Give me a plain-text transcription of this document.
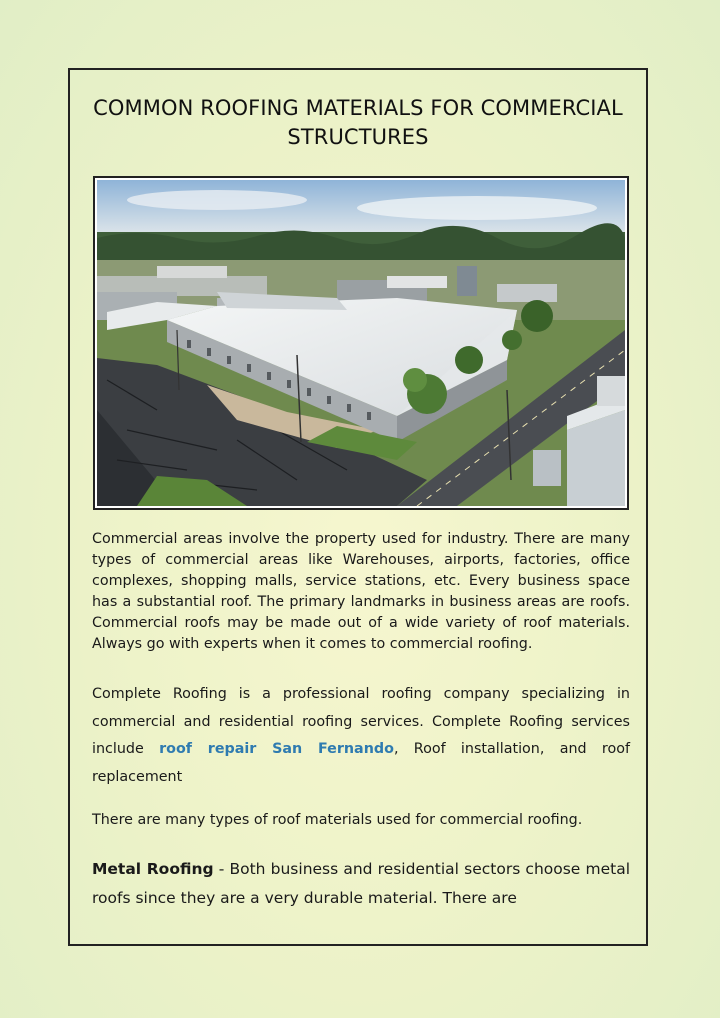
COMMON ROOFING MATERIALS FOR COMMERCIAL STRUCTURES
Commercial areas involve the property used for industry. There are many types of commercial areas like Warehouses, airports, factories, office complexes, shopping malls, service stations, etc. Every business space has a substantial roof. The primary landmarks in business areas are roofs. Commercial roofs may be made out of a wide variety of roof materials. Always go with experts when it comes to commercial roofing.
Complete Roofing is a professional roofing company specializing in commercial and residential roofing services. Complete Roofing services include roof repair San Fernando, Roof installation, and roof replacement
There are many types of roof materials used for commercial roofing.
Metal Roofing - Both business and residential sectors choose metal roofs since they are a very durable material. There are
